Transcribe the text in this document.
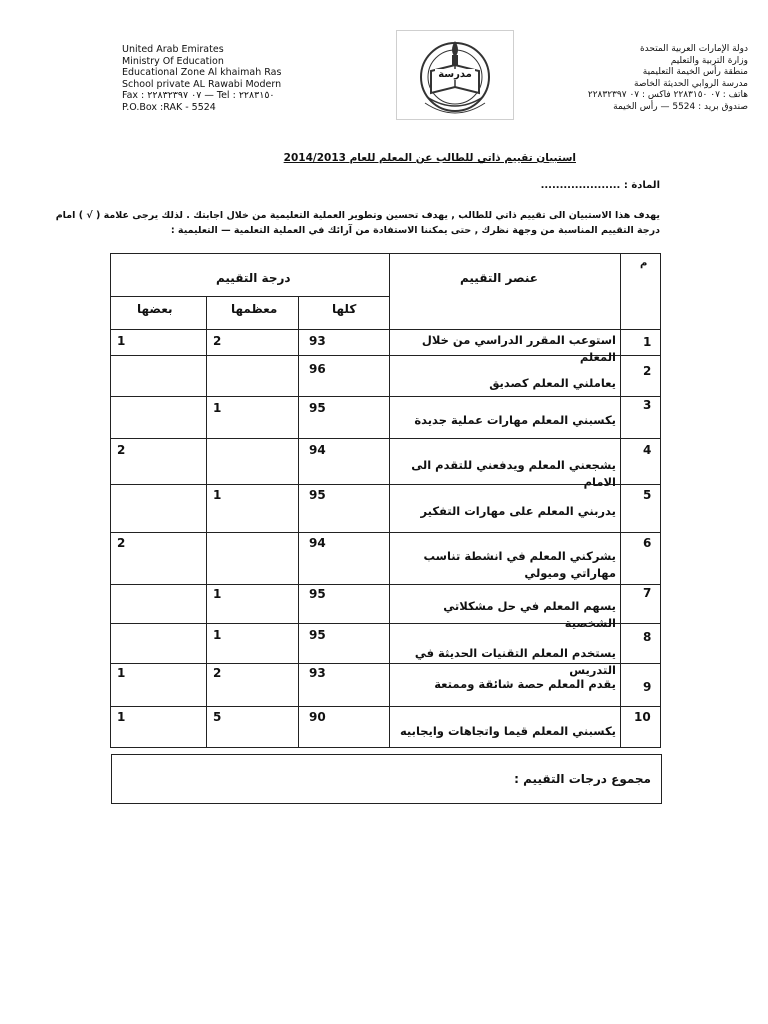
United Arab Emirates
Ministry Of Education
Educational Zone Al khaimah Ras
School private AL Rawabi Modern
Fax : ٠٧ ٢٢٨٣٢٣٩٧ — Tel : ٢٢٨٣١٥٠
P.O.Box :RAK - 5524
مدرسة
دولة الإمارات العربية المتحدة
وزارة التربية والتعليم
منطقة رأس الخيمة التعليمية
مدرسة الروابي الحديثة الخاصة
هاتف : ٠٧ ٢٢٨٣١٥٠ فاكس : ٠٧ ٢٢٨٣٢٣٩٧
صندوق بريد : 5524 — رأس الخيمة
استبيان تقييم ذاتي للطالب عن المعلم للعام 2014/2013
المادة : .....................
يهدف هذا الاستبيان الى تقييم ذاتي للطالب , يهدف تحسين وتطوير العملية التعليمية من خلال اجابتك . لذلك يرجى علامة ( √ ) امام
درجة التقييم المناسبة من وجهة نظرك , حتى يمكننا الاستفادة من آرائك في العملية التعلمية — التعليمية :
م
عنصر التقييم
درجة التقييم
كلها
معظمها
بعضها
1
استوعب المقرر الدراسي من خلال المعلم
93
2
1
2
يعاملني المعلم كصديق
96
3
يكسبني المعلم مهارات عملية جديدة
95
1
4
يشجعني المعلم ويدفعني للتقدم الى الامام
94
2
5
يدربني المعلم على مهارات التفكير
95
1
6
يشركني المعلم في انشطة تناسب مهاراتي وميولي
94
2
7
يسهم المعلم في حل مشكلاتي الشخصية
95
1
8
يستخدم المعلم التقنيات الحديثة في التدريس
95
1
9
يقدم المعلم حصة شائقة وممتعة
93
2
1
10
يكسبني المعلم قيما واتجاهات وايجابيه
90
5
1
مجموع درجات التقييم :
